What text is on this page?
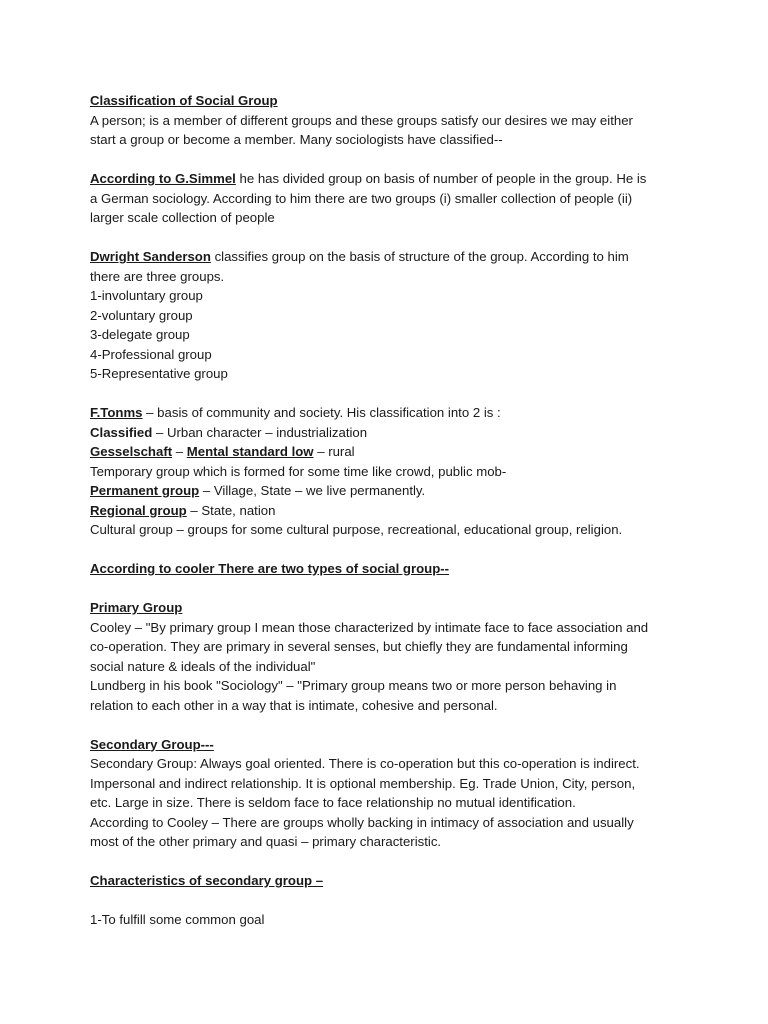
Classification of Social Group
A person; is a member of different groups and these groups satisfy our desires we may either
start a group or become a member. Many sociologists have classified--
According to G.Simmel he has divided group on basis of number of people in the group. He is
a German sociology. According to him there are two groups (i) smaller collection of people (ii)
larger scale collection of people
Dwright Sanderson classifies group on the basis of structure of the group. According to him
there are three groups.
1-involuntary group
2-voluntary group
3-delegate group
4-Professional group
5-Representative group
F.Tonms – basis of community and society. His classification into 2 is :
Classified – Urban character – industrialization
Gesselschaft – Mental standard low – rural
Temporary group which is formed for some time like crowd, public mob-
Permanent group – Village, State – we live permanently.
Regional group – State, nation
Cultural group – groups for some cultural purpose, recreational, educational group, religion.
According to cooler There are two types of social group--
Primary Group
Cooley – "By primary group I mean those characterized by intimate face to face association and
co-operation. They are primary in several senses, but chiefly they are fundamental informing
social nature & ideals of the individual"
Lundberg in his book "Sociology" – "Primary group means two or more person behaving in
relation to each other in a way that is intimate, cohesive and personal.
Secondary Group---
Secondary Group: Always goal oriented. There is co-operation but this co-operation is indirect.
Impersonal and indirect relationship. It is optional membership. Eg. Trade Union, City, person,
etc. Large in size. There is seldom face to face relationship no mutual identification.
According to Cooley – There are groups wholly backing in intimacy of association and usually
most of the other primary and quasi – primary characteristic.
Characteristics of secondary group –
1-To fulfill some common goal
